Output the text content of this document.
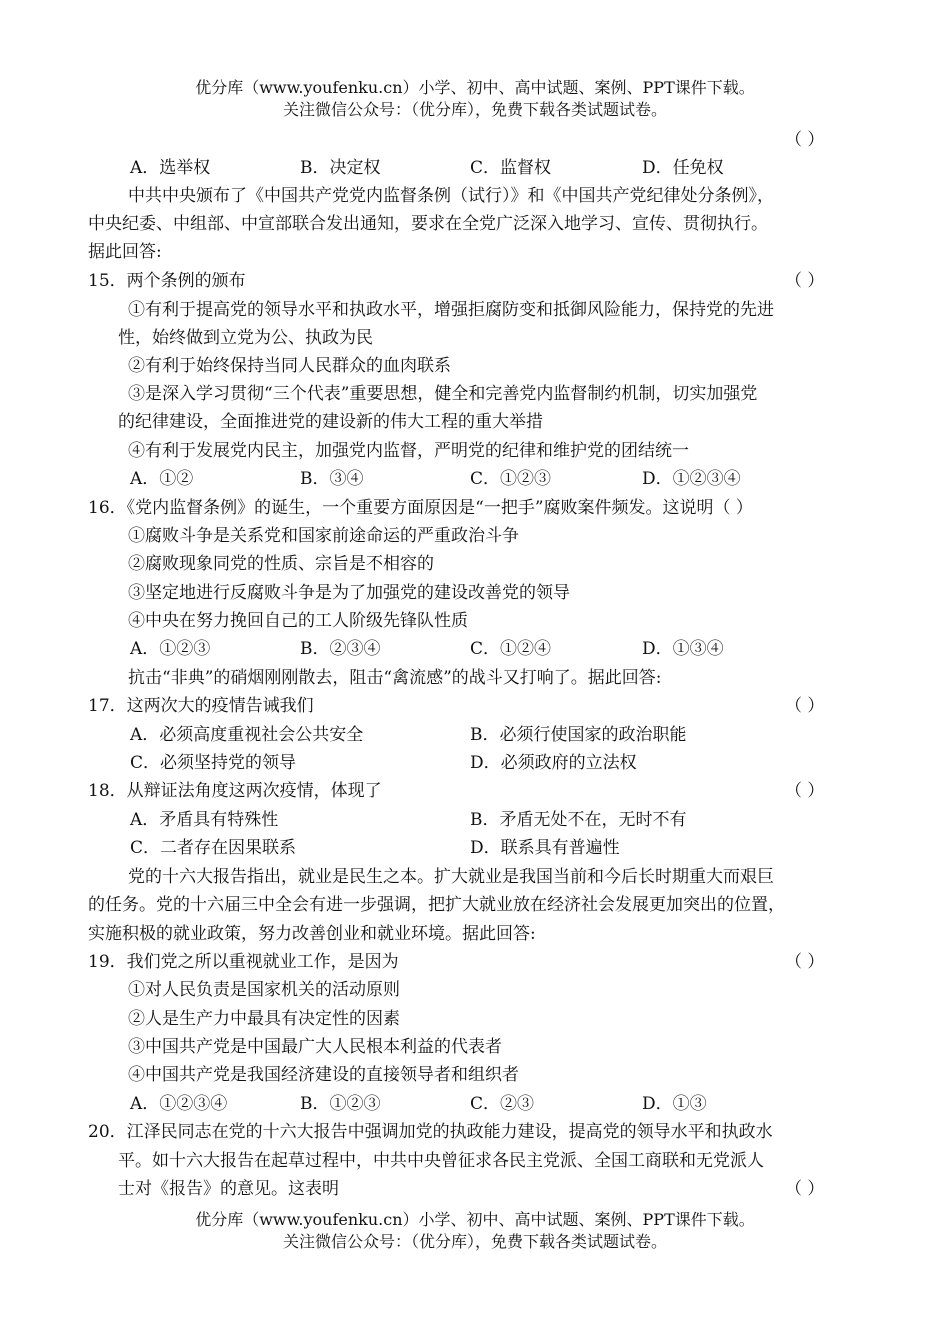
优分库（www.youfenku.cn）小学、初中、高中试题、案例、PPT课件下载。
关注微信公众号：（优分库），免费下载各类试题试卷。
（ ）
A．选举权	B．决定权	C．监督权	D．任免权
中共中央颁布了《中国共产党党内监督条例（试行）》和《中国共产党纪律处分条例》，
中央纪委、中组部、中宣部联合发出通知，要求在全党广泛深入地学习、宣传、贯彻执行。
据此回答:
15．两个条例的颁布	（ ）
①有利于提高党的领导水平和执政水平，增强拒腐防变和抵御风险能力，保持党的先进
性，始终做到立党为公、执政为民
②有利于始终保持当同人民群众的血肉联系
③是深入学习贯彻“三个代表”重要思想，健全和完善党内监督制约机制，切实加强党
的纪律建设，全面推进党的建设新的伟大工程的重大举措
④有利于发展党内民主，加强党内监督，严明党的纪律和维护党的团结统一
A．①②	B．③④	C．①②③	D．①②③④
16．《党内监督条例》的诞生，一个重要方面原因是“一把手”腐败案件频发。这说明（ ）
①腐败斗争是关系党和国家前途命运的严重政治斗争
②腐败现象同党的性质、宗旨是不相容的
③坚定地进行反腐败斗争是为了加强党的建设改善党的领导
④中央在努力挽回自己的工人阶级先锋队性质
A．①②③	B．②③④	C．①②④	D．①③④
抗击“非典”的硝烟刚刚散去，阻击“禽流感”的战斗又打响了。据此回答:
17．这两次大的疫情告诫我们	（ ）
A．必须高度重视社会公共安全	B．必须行使国家的政治职能
C．必须坚持党的领导	D．必须政府的立法权
18．从辩证法角度这两次疫情，体现了	（ ）
A．矛盾具有特殊性	B．矛盾无处不在，无时不有
C．二者存在因果联系	D．联系具有普遍性
党的十六大报告指出，就业是民生之本。扩大就业是我国当前和今后长时期重大而艰巨
的任务。党的十六届三中全会有进一步强调，把扩大就业放在经济社会发展更加突出的位置，
实施积极的就业政策，努力改善创业和就业环境。据此回答:
19．我们党之所以重视就业工作，是因为	（ ）
①对人民负责是国家机关的活动原则
②人是生产力中最具有决定性的因素
③中国共产党是中国最广大人民根本利益的代表者
④中国共产党是我国经济建设的直接领导者和组织者
A．①②③④	B．①②③	C．②③	D．①③
20．江泽民同志在党的十六大报告中强调加党的执政能力建设，提高党的领导水平和执政水
平。如十六大报告在起草过程中，中共中央曾征求各民主党派、全国工商联和无党派人
士对《报告》的意见。这表明	（ ）
优分库（www.youfenku.cn）小学、初中、高中试题、案例、PPT课件下载。
关注微信公众号：（优分库），免费下载各类试题试卷。
